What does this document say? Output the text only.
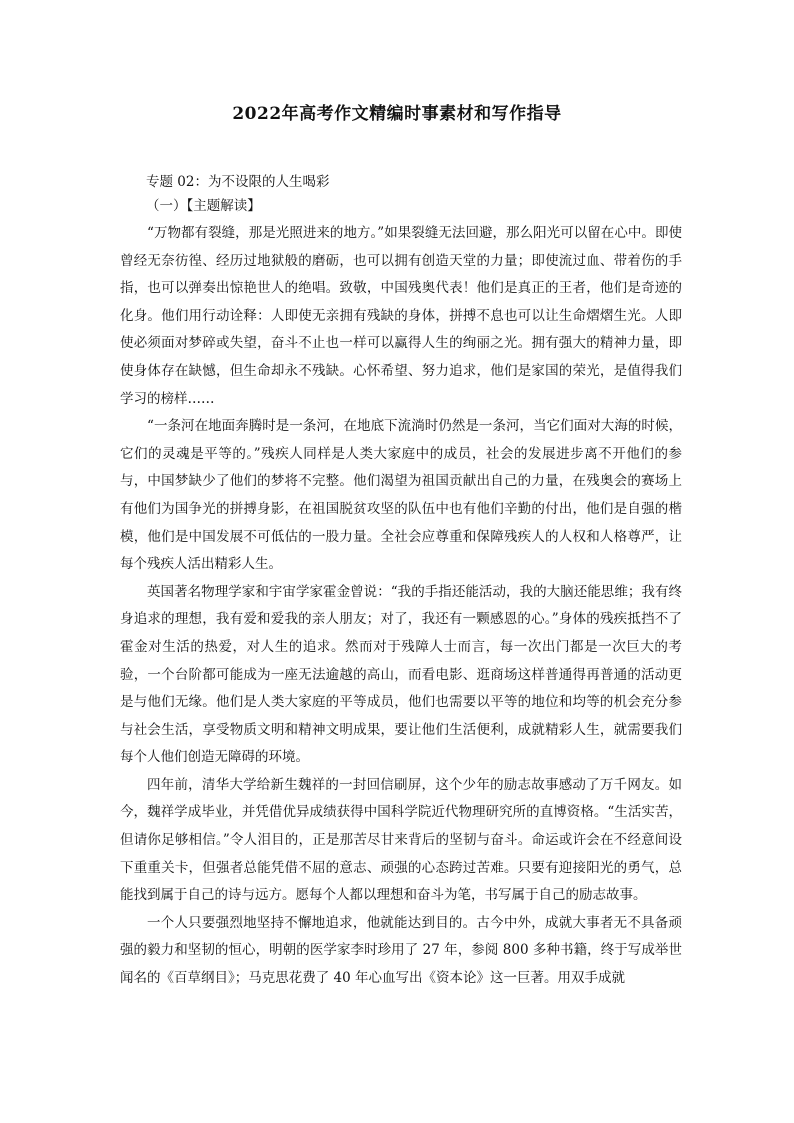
2022年高考作文精编时事素材和写作指导
专题 02：为不设限的人生喝彩
（一）【主题解读】

“万物都有裂缝，那是光照进来的地方。”如果裂缝无法回避，那么阳光可以留在心中。即使曾经无奈彷徨、经历过地狱般的磨砺，也可以拥有创造天堂的力量；即使流过血、带着伤的手指，也可以弹奏出惊艳世人的绝唱。致敬，中国残奥代表！他们是真正的王者，他们是奇迹的化身。他们用行动诠释：人即使无亲拥有残缺的身体，拼搏不息也可以让生命熠熠生光。人即使必须面对梦碎或失望，奋斗不止也一样可以赢得人生的绚丽之光。拥有强大的精神力量，即使身体存在缺憾，但生命却永不残缺。心怀希望、努力追求，他们是家国的荣光，是值得我们学习的榜样……

“一条河在地面奔腾时是一条河，在地底下流淌时仍然是一条河，当它们面对大海的时候，它们的灵魂是平等的。”残疾人同样是人类大家庭中的成员，社会的发展进步离不开他们的参与，中国梦缺少了他们的梦将不完整。他们渴望为祖国贡献出自己的力量，在残奥会的赛场上有他们为国争光的拼搏身影，在祖国脱贫攻坚的队伍中也有他们辛勤的付出，他们是自强的楷模，他们是中国发展不可低估的一股力量。全社会应尊重和保障残疾人的人权和人格尊严，让每个残疾人活出精彩人生。

英国著名物理学家和宇宙学家霍金曾说：“我的手指还能活动，我的大脑还能思维；我有终身追求的理想，我有爱和爱我的亲人朋友；对了，我还有一颗感恩的心。”身体的残疾抵挡不了霍金对生活的热爱，对人生的追求。然而对于残障人士而言，每一次出门都是一次巨大的考验，一个台阶都可能成为一座无法逾越的高山，而看电影、逛商场这样普通得再普通的活动更是与他们无缘。他们是人类大家庭的平等成员，他们也需要以平等的地位和均等的机会充分参与社会生活，享受物质文明和精神文明成果，要让他们生活便利，成就精彩人生，就需要我们每个人他们创造无障碍的环境。

四年前，清华大学给新生魏祥的一封回信刷屏，这个少年的励志故事感动了万千网友。如今，魏祥学成毕业，并凭借优异成绩获得中国科学院近代物理研究所的直博资格。“生活实苦，但请你足够相信。”令人泪目的，正是那苦尽甘来背后的坚韧与奋斗。命运或许会在不经意间设下重重关卡，但强者总能凭借不屈的意志、顽强的心态跨过苦难。只要有迎接阳光的勇气，总能找到属于自己的诗与远方。愿每个人都以理想和奋斗为笔，书写属于自己的励志故事。

一个人只要强烈地坚持不懈地追求，他就能达到目的。古今中外，成就大事者无不具备顽强的毅力和坚韧的恒心，明朝的医学家李时珍用了 27 年，参阅 800 多种书籍，终于写成举世闻名的《百草纲目》；马克思花费了 40 年心血写出《资本论》这一巨著。用双手成就
